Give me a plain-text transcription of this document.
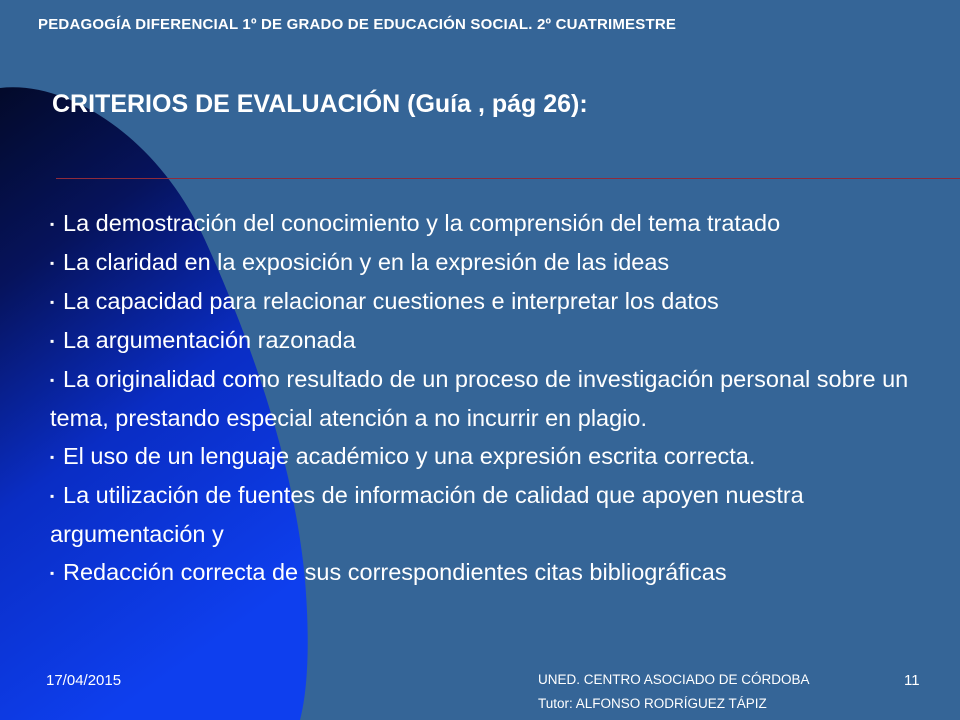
PEDAGOGÍA DIFERENCIAL 1º DE GRADO DE EDUCACIÓN SOCIAL. 2º CUATRIMESTRE
CRITERIOS DE EVALUACIÓN (Guía , pág 26):
▪ La demostración del conocimiento y la comprensión del tema tratado
▪ La claridad en la exposición y en la expresión de las ideas
▪ La capacidad para relacionar cuestiones e interpretar los datos
▪ La argumentación razonada
▪ La originalidad como resultado de un proceso de investigación personal sobre un tema, prestando especial atención a no incurrir en plagio.
▪ El uso de un lenguaje académico y una expresión escrita correcta.
▪ La utilización de fuentes de información de calidad que apoyen nuestra argumentación y
▪ Redacción correcta de sus correspondientes citas bibliográficas
17/04/2015	UNED. CENTRO ASOCIADO DE CÓRDOBA
Tutor: ALFONSO RODRÍGUEZ TÁPIZ
11
